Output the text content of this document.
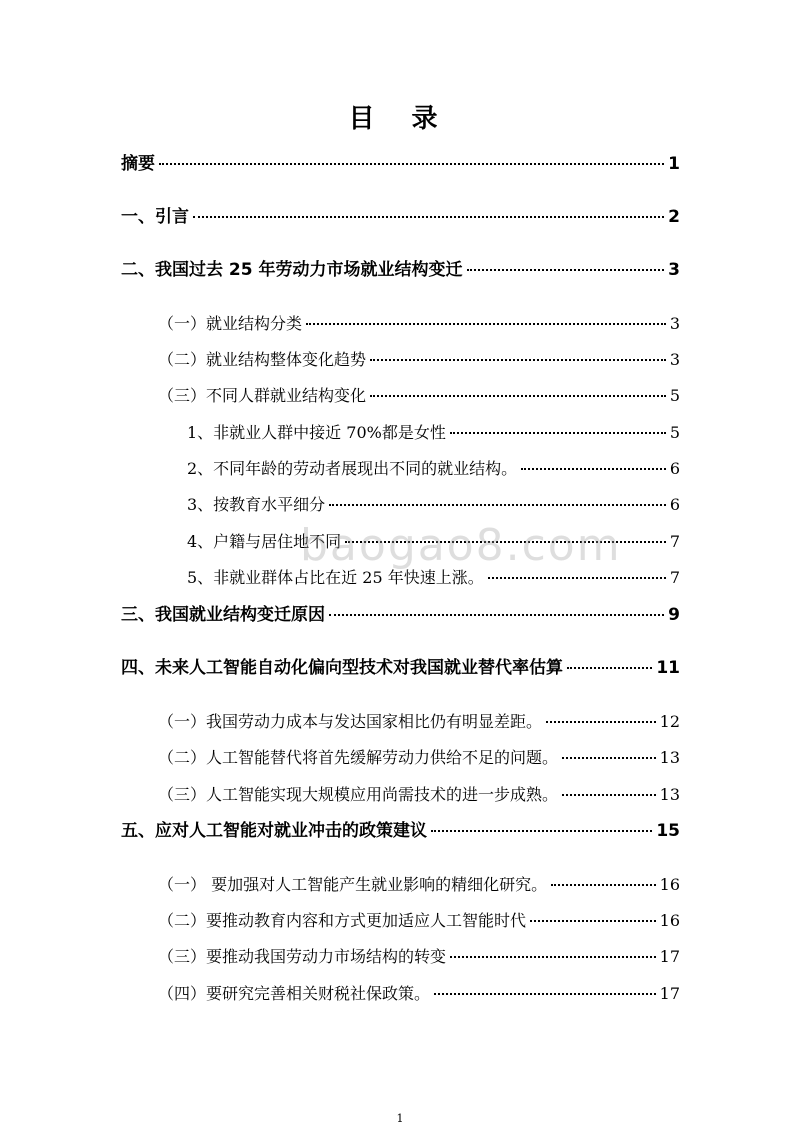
目 录
摘要	1
一、引言	2
二、我国过去 25 年劳动力市场就业结构变迁	3
（一）就业结构分类	3
（二）就业结构整体变化趋势	3
（三）不同人群就业结构变化	5
1、非就业人群中接近 70%都是女性	5
2、不同年龄的劳动者展现出不同的就业结构。	6
3、按教育水平细分	6
4、户籍与居住地不同	7
5、非就业群体占比在近 25 年快速上涨。	7
三、我国就业结构变迁原因	9
四、未来人工智能自动化偏向型技术对我国就业替代率估算	11
（一）我国劳动力成本与发达国家相比仍有明显差距。	12
（二）人工智能替代将首先缓解劳动力供给不足的问题。	13
（三）人工智能实现大规模应用尚需技术的进一步成熟。	13
五、应对人工智能对就业冲击的政策建议	15
（一） 要加强对人工智能产生就业影响的精细化研究。	16
（二）要推动教育内容和方式更加适应人工智能时代	16
（三）要推动我国劳动力市场结构的转变	17
（四）要研究完善相关财税社保政策。	17
baogao8.com
1
